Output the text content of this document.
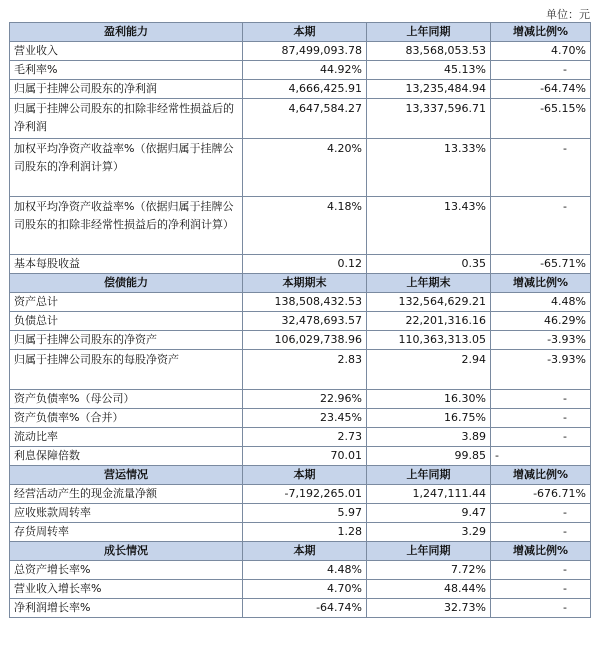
单位：元
盈利能力	本期	上年同期	增减比例%
营业收入	87,499,093.78	83,568,053.53	4.70%
毛利率%	44.92%	45.13%	-
归属于挂牌公司股东的净利润	4,666,425.91	13,235,484.94	-64.74%
归属于挂牌公司股东的扣除非经常性损益后的净利润	4,647,584.27	13,337,596.71	-65.15%
加权平均净资产收益率%（依据归属于挂牌公司股东的净利润计算）	4.20%	13.33%	-
加权平均净资产收益率%（依据归属于挂牌公司股东的扣除非经常性损益后的净利润计算）	4.18%	13.43%	-
基本每股收益	0.12	0.35	-65.71%
偿债能力	本期期末	上年期末	增减比例%
资产总计	138,508,432.53	132,564,629.21	4.48%
负债总计	32,478,693.57	22,201,316.16	46.29%
归属于挂牌公司股东的净资产	106,029,738.96	110,363,313.05	-3.93%
归属于挂牌公司股东的每股净资产	2.83	2.94	-3.93%
资产负债率%（母公司）	22.96%	16.30%	-
资产负债率%（合并）	23.45%	16.75%	-
流动比率	2.73	3.89	-
利息保障倍数	70.01	99.85	-
营运情况	本期	上年同期	增减比例%
经营活动产生的现金流量净额	-7,192,265.01	1,247,111.44	-676.71%
应收账款周转率	5.97	9.47	-
存货周转率	1.28	3.29	-
成长情况	本期	上年同期	增减比例%
总资产增长率%	4.48%	7.72%	-
营业收入增长率%	4.70%	48.44%	-
净利润增长率%	-64.74%	32.73%	-
